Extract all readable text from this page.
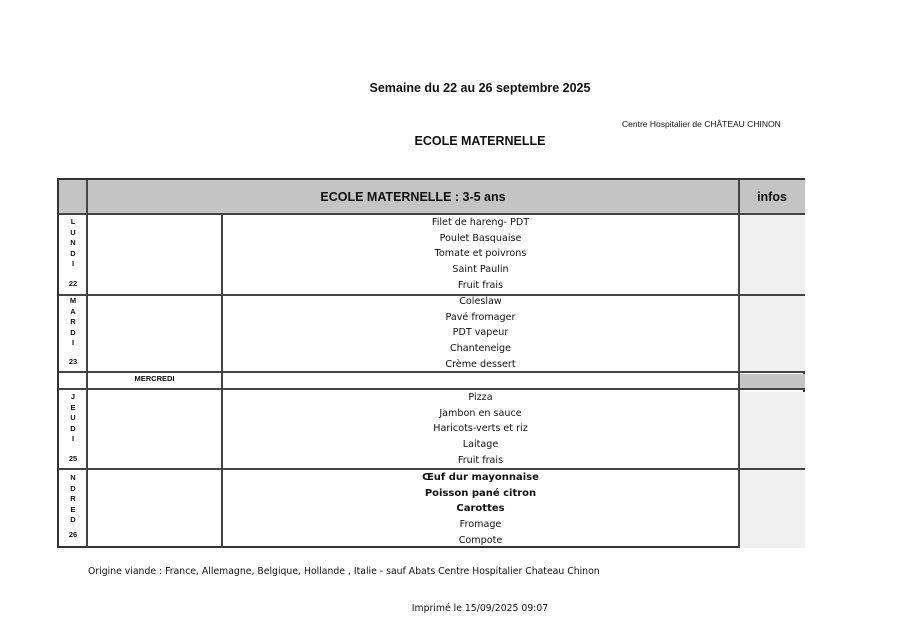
Semaine du 22 au 26 septembre 2025
Centre Hospitalier de CHÂTEAU CHINON
ECOLE MATERNELLE
ECOLE MATERNELLE : 3-5 ans	infos
L
U
N
D
I
22
Filet de hareng- PDT
Poulet Basquaise
Tomate et poivrons
Saint Paulin
Fruit frais
M
A
R
D
I
23
Coleslaw
Pavé fromager
PDT vapeur
Chanteneige
Crème dessert
MERCREDI
J
E
U
D
I
25
Pizza
Jambon en sauce
Haricots-verts et riz
Laitage
Fruit frais
N
D
R
E
D
26
Œuf dur mayonnaise
Poisson pané citron
Carottes
Fromage
Compote
Origine viande : France, Allemagne, Belgique, Hollande , Italie - sauf Abats Centre Hospitalier Chateau Chinon
Imprimé le 15/09/2025 09:07
